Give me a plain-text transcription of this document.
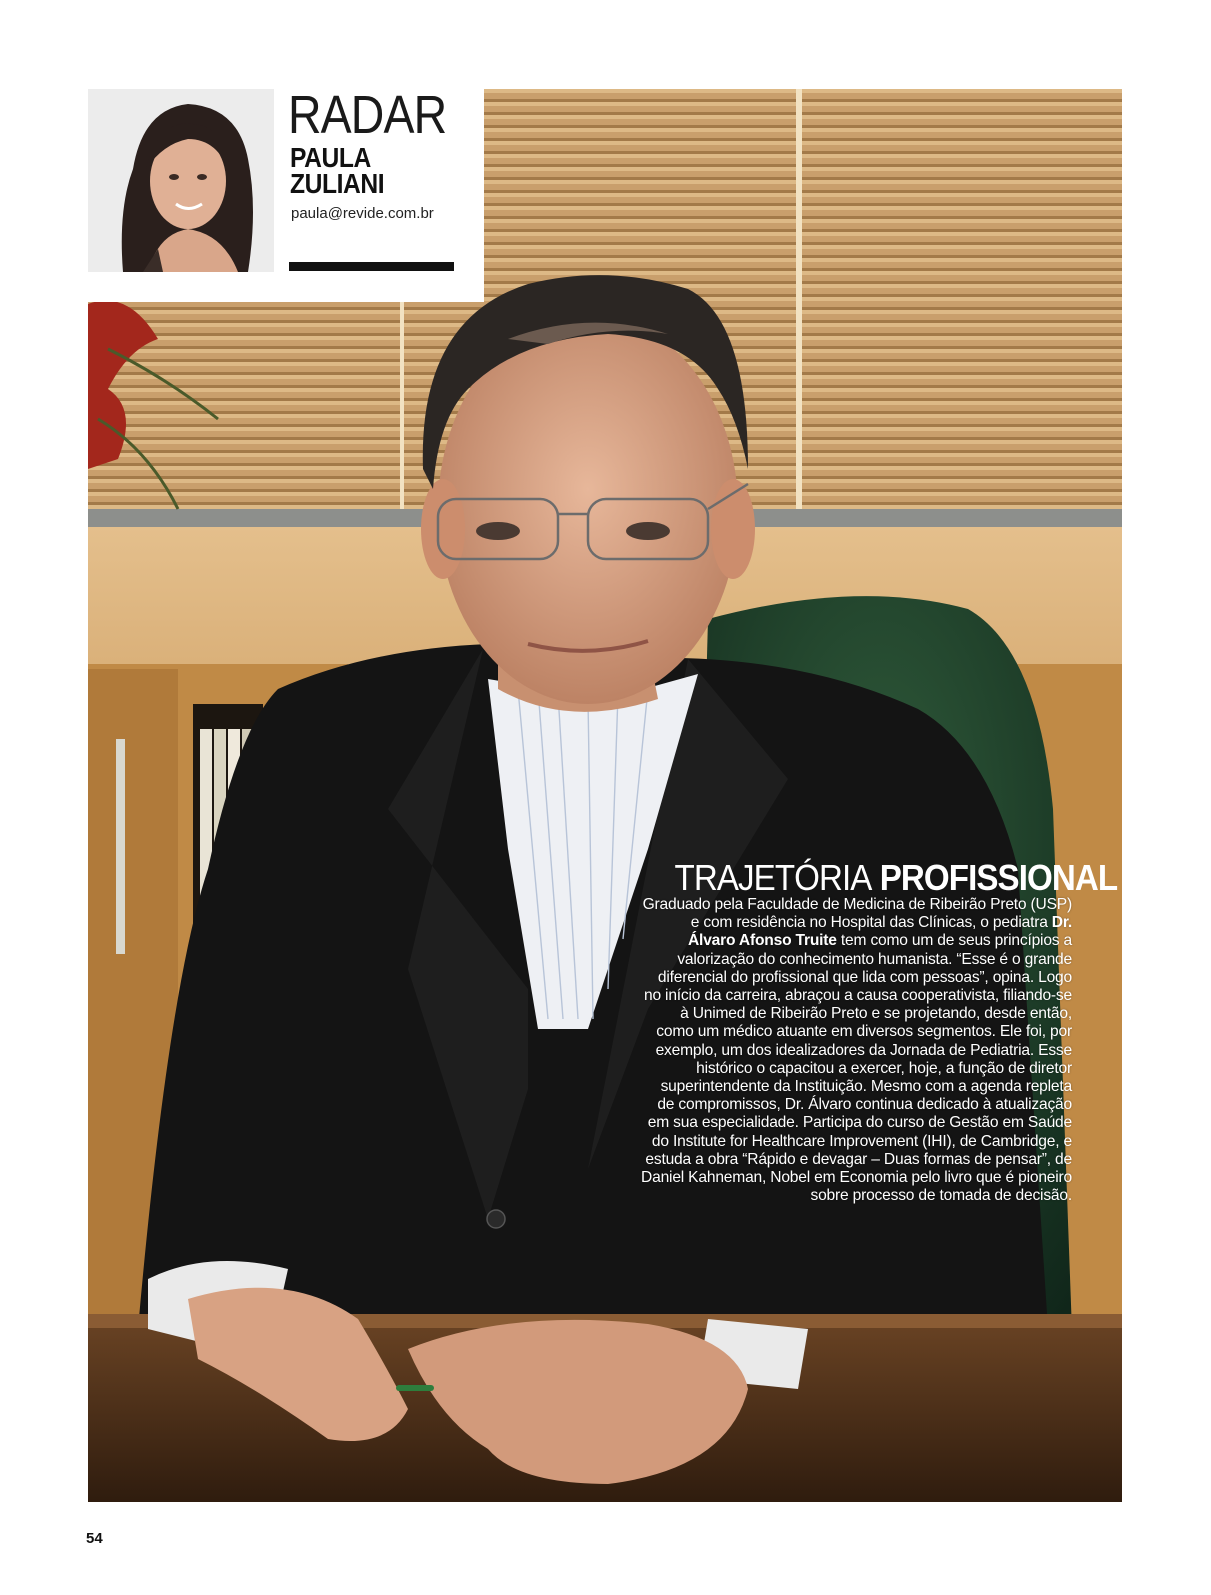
RADAR
PAULA
ZULIANI
paula@revide.com.br
TRAJETÓRIA PROFISSIONAL
Graduado pela Faculdade de Medicina de Ribeirão Preto (USP) e com residência no Hospital das Clínicas, o pediatra Dr. Álvaro Afonso Truite tem como um de seus princípios a valorização do conhecimento humanista. “Esse é o grande diferencial do profissional que lida com pessoas”, opina. Logo no início da carreira, abraçou a causa cooperativista, filiando-se à Unimed de Ribeirão Preto e se projetando, desde então, como um médico atuante em diversos segmentos. Ele foi, por exemplo, um dos idealizadores da Jornada de Pediatria. Esse histórico o capacitou a exercer, hoje, a função de diretor superintendente da Instituição. Mesmo com a agenda repleta de compromissos, Dr. Álvaro continua dedicado à atualização em sua especialidade. Participa do curso de Gestão em Saúde do Institute for Healthcare Improvement (IHI), de Cambridge, e estuda a obra “Rápido e devagar – Duas formas de pensar”, de Daniel Kahneman, Nobel em Economia pelo livro que é pioneiro sobre processo de tomada de decisão.
54
